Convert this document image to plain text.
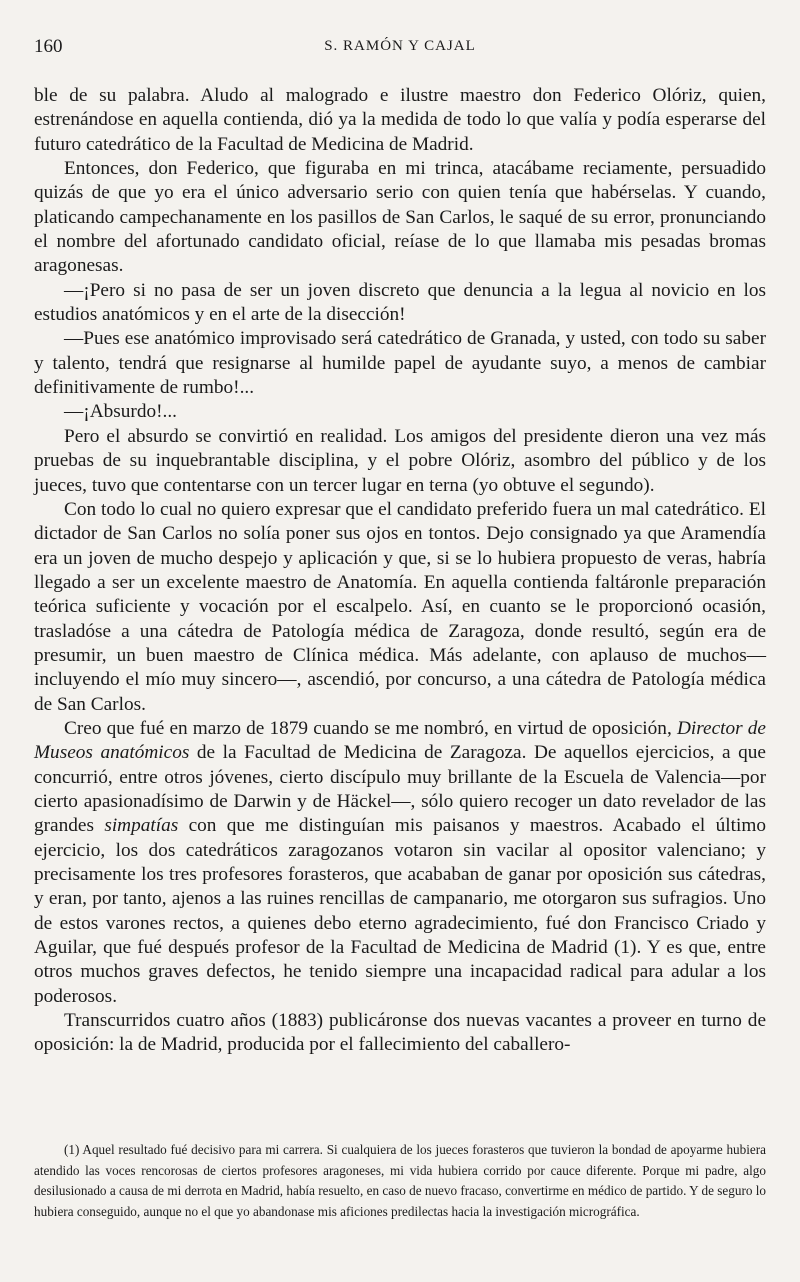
160	S. RAMÓN Y CAJAL

ble de su palabra. Aludo al malogrado e ilustre maestro don Federico Olóriz, quien, estrenándose en aquella contienda, dió ya la medida de todo lo que valía y podía esperarse del futuro catedrático de la Facultad de Medicina de Madrid.

Entonces, don Federico, que figuraba en mi trinca, atacábame reciamente, persuadido quizás de que yo era el único adversario serio con quien tenía que habérselas. Y cuando, platicando campechanamente en los pasillos de San Carlos, le saqué de su error, pronunciando el nombre del afortunado candidato oficial, reíase de lo que llamaba mis pesadas bromas aragonesas.

—¡Pero si no pasa de ser un joven discreto que denuncia a la legua al novicio en los estudios anatómicos y en el arte de la disección!

—Pues ese anatómico improvisado será catedrático de Granada, y usted, con todo su saber y talento, tendrá que resignarse al humilde papel de ayudante suyo, a menos de cambiar definitivamente de rumbo!...

—¡Absurdo!...

Pero el absurdo se convirtió en realidad. Los amigos del presidente dieron una vez más pruebas de su inquebrantable disciplina, y el pobre Olóriz, asombro del público y de los jueces, tuvo que contentarse con un tercer lugar en terna (yo obtuve el segundo).

Con todo lo cual no quiero expresar que el candidato preferido fuera un mal catedrático. El dictador de San Carlos no solía poner sus ojos en tontos. Dejo consignado ya que Aramendía era un joven de mucho despejo y aplicación y que, si se lo hubiera propuesto de veras, habría llegado a ser un excelente maestro de Anatomía. En aquella contienda faltáronle preparación teórica suficiente y vocación por el escalpelo. Así, en cuanto se le proporcionó ocasión, trasladóse a una cátedra de Patología médica de Zaragoza, donde resultó, según era de presumir, un buen maestro de Clínica médica. Más adelante, con aplauso de muchos—incluyendo el mío muy sincero—, ascendió, por concurso, a una cátedra de Patología médica de San Carlos.

Creo que fué en marzo de 1879 cuando se me nombró, en virtud de oposición, Director de Museos anatómicos de la Facultad de Medicina de Zaragoza. De aquellos ejercicios, a que concurrió, entre otros jóvenes, cierto discípulo muy brillante de la Escuela de Valencia—por cierto apasionadísimo de Darwin y de Häckel—, sólo quiero recoger un dato revelador de las grandes simpatías con que me distinguían mis paisanos y maestros. Acabado el último ejercicio, los dos catedráticos zaragozanos votaron sin vacilar al opositor valenciano; y precisamente los tres profesores forasteros, que acababan de ganar por oposición sus cátedras, y eran, por tanto, ajenos a las ruines rencillas de campanario, me otorgaron sus sufragios. Uno de estos varones rectos, a quienes debo eterno agradecimiento, fué don Francisco Criado y Aguilar, que fué después profesor de la Facultad de Medicina de Madrid (1). Y es que, entre otros muchos graves defectos, he tenido siempre una incapacidad radical para adular a los poderosos.

Transcurridos cuatro años (1883) publicáronse dos nuevas vacantes a proveer en turno de oposición: la de Madrid, producida por el fallecimiento del caballero-

(1) Aquel resultado fué decisivo para mi carrera. Si cualquiera de los jueces forasteros que tuvieron la bondad de apoyarme hubiera atendido las voces rencorosas de ciertos profesores aragoneses, mi vida hubiera corrido por cauce diferente. Porque mi padre, algo desilusionado a causa de mi derrota en Madrid, había resuelto, en caso de nuevo fracaso, convertirme en médico de partido. Y de seguro lo hubiera conseguido, aunque no el que yo abandonase mis aficiones predilectas hacia la investigación micrográfica.
